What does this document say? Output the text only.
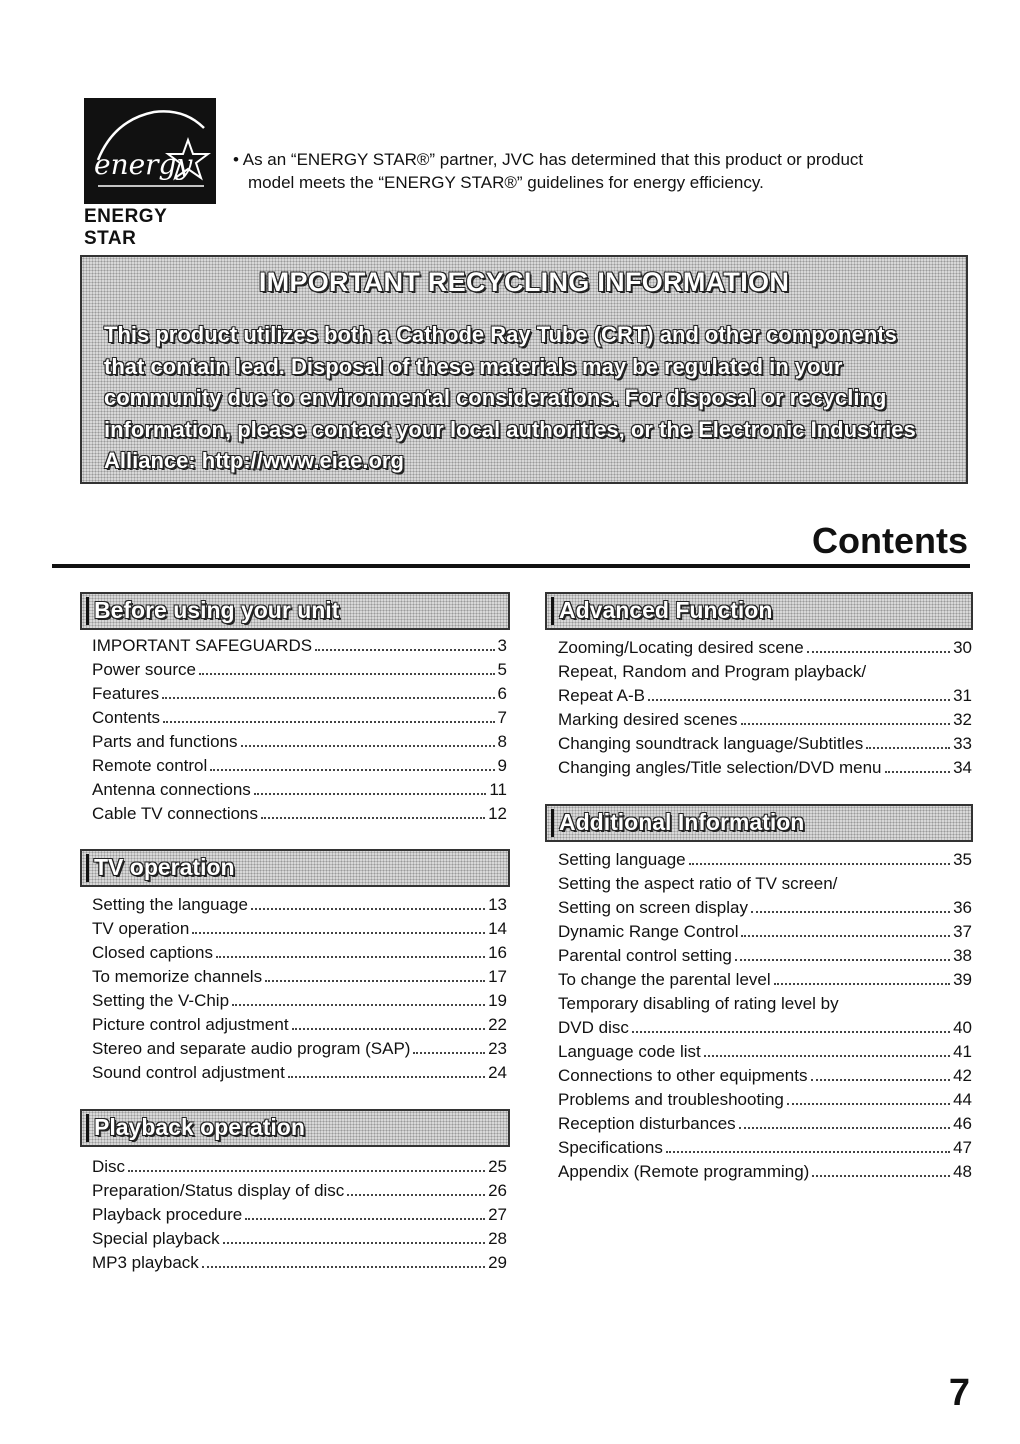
energy
ENERGY STAR
• As an “ENERGY STAR®” partner, JVC has determined that this product or product
model meets the “ENERGY STAR®” guidelines for energy efficiency.
IMPORTANT RECYCLING INFORMATION
This product utilizes both a Cathode Ray Tube (CRT) and other components
that contain lead. Disposal of these materials may be regulated in your
community due to environmental considerations. For disposal or recycling
information, please contact your local authorities, or the Electronic Industries
Alliance: http://www.eiae.org
Contents
Before using your unit
IMPORTANT SAFEGUARDS	3
Power source	5
Features	6
Contents	7
Parts and functions	8
Remote control	9
Antenna connections	11
Cable TV connections	12
TV operation
Setting the language	13
TV operation	14
Closed captions	16
To memorize channels	17
Setting the V-Chip	19
Picture control adjustment	22
Stereo and separate audio program (SAP)	23
Sound control adjustment	24
Playback operation
Disc	25
Preparation/Status display of disc	26
Playback procedure	27
Special playback	28
MP3 playback	29
Advanced Function
Zooming/Locating desired scene	30
Repeat, Random and Program playback/
Repeat A-B	31
Marking desired scenes	32
Changing soundtrack language/Subtitles	33
Changing angles/Title selection/DVD menu	34
Additional Information
Setting language	35
Setting the aspect ratio of TV screen/
Setting on screen display	36
Dynamic Range Control	37
Parental control setting	38
To change the parental level	39
Temporary disabling of rating level by
DVD disc	40
Language code list	41
Connections to other equipments	42
Problems and troubleshooting	44
Reception disturbances	46
Specifications	47
Appendix (Remote programming)	48
7
